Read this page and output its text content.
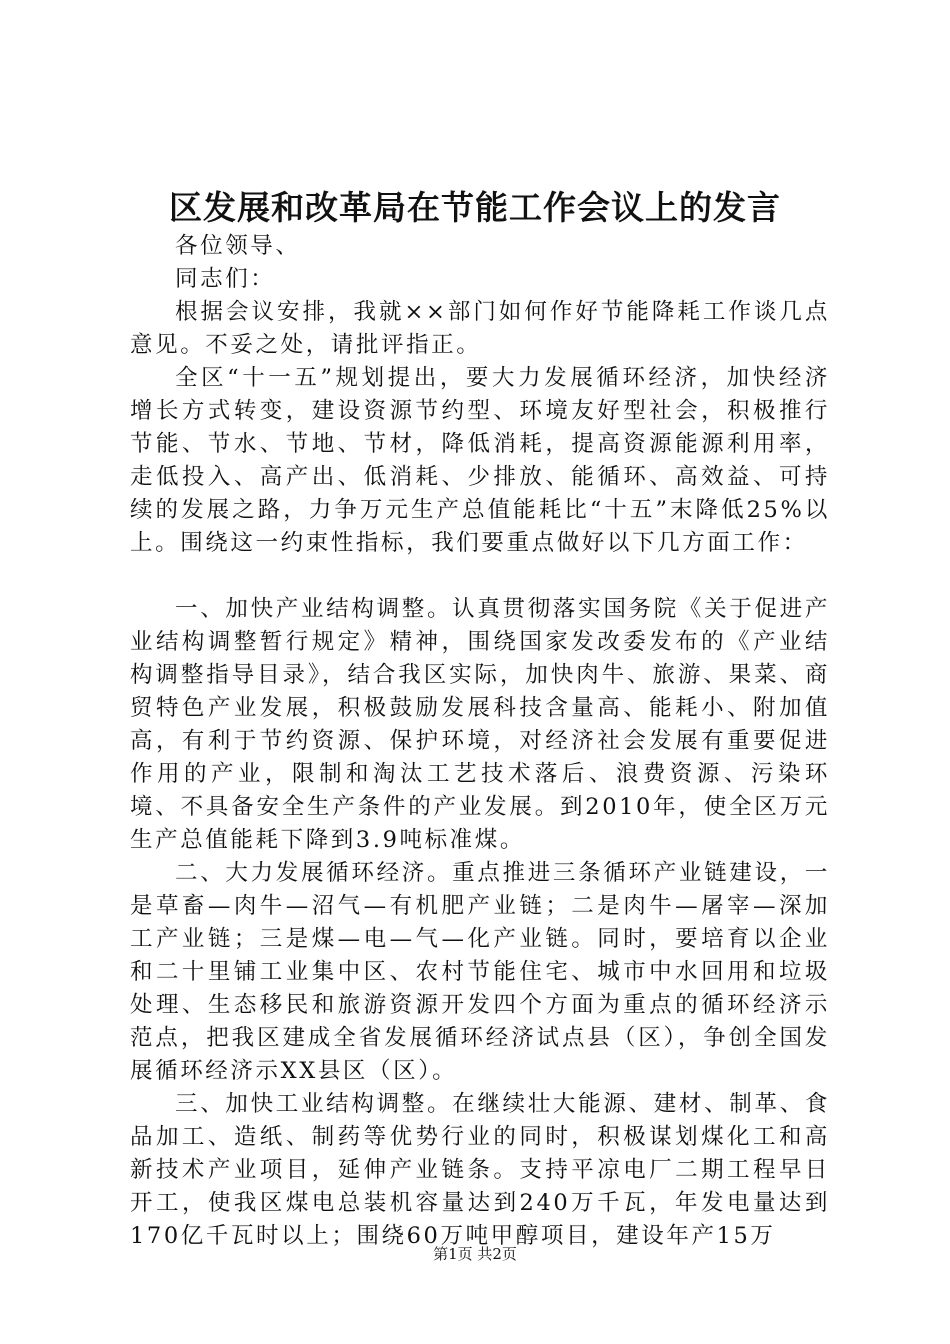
区发展和改革局在节能工作会议上的发言

各位领导、

同志们：

根据会议安排，我就××部门如何作好节能降耗工作谈几点意见。不妥之处，请批评指正。

全区“十一五”规划提出，要大力发展循环经济，加快经济增长方式转变，建设资源节约型、环境友好型社会，积极推行节能、节水、节地、节材，降低消耗，提高资源能源利用率，走低投入、高产出、低消耗、少排放、能循环、高效益、可持续的发展之路，力争万元生产总值能耗比“十五”末降低25%以上。围绕这一约束性指标，我们要重点做好以下几方面工作：

一、加快产业结构调整。认真贯彻落实国务院《关于促进产业结构调整暂行规定》精神，围绕国家发改委发布的《产业结构调整指导目录》，结合我区实际，加快肉牛、旅游、果菜、商贸特色产业发展，积极鼓励发展科技含量高、能耗小、附加值高，有利于节约资源、保护环境，对经济社会发展有重要促进作用的产业，限制和淘汰工艺技术落后、浪费资源、污染环境、不具备安全生产条件的产业发展。到2010年，使全区万元生产总值能耗下降到3.9吨标准煤。

二、大力发展循环经济。重点推进三条循环产业链建设，一是草畜—肉牛—沼气—有机肥产业链；二是肉牛—屠宰—深加工产业链；三是煤—电—气—化产业链。同时，要培育以企业和二十里铺工业集中区、农村节能住宅、城市中水回用和垃圾处理、生态移民和旅游资源开发四个方面为重点的循环经济示范点，把我区建成全省发展循环经济试点县（区），争创全国发展循环经济示XX县区（区）。

三、加快工业结构调整。在继续壮大能源、建材、制革、食品加工、造纸、制药等优势行业的同时，积极谋划煤化工和高新技术产业项目，延伸产业链条。支持平凉电厂二期工程早日开工，使我区煤电总装机容量达到240万千瓦，年发电量达到170亿千瓦时以上；围绕60万吨甲醇项目，建设年产15万

第1页 共2页
